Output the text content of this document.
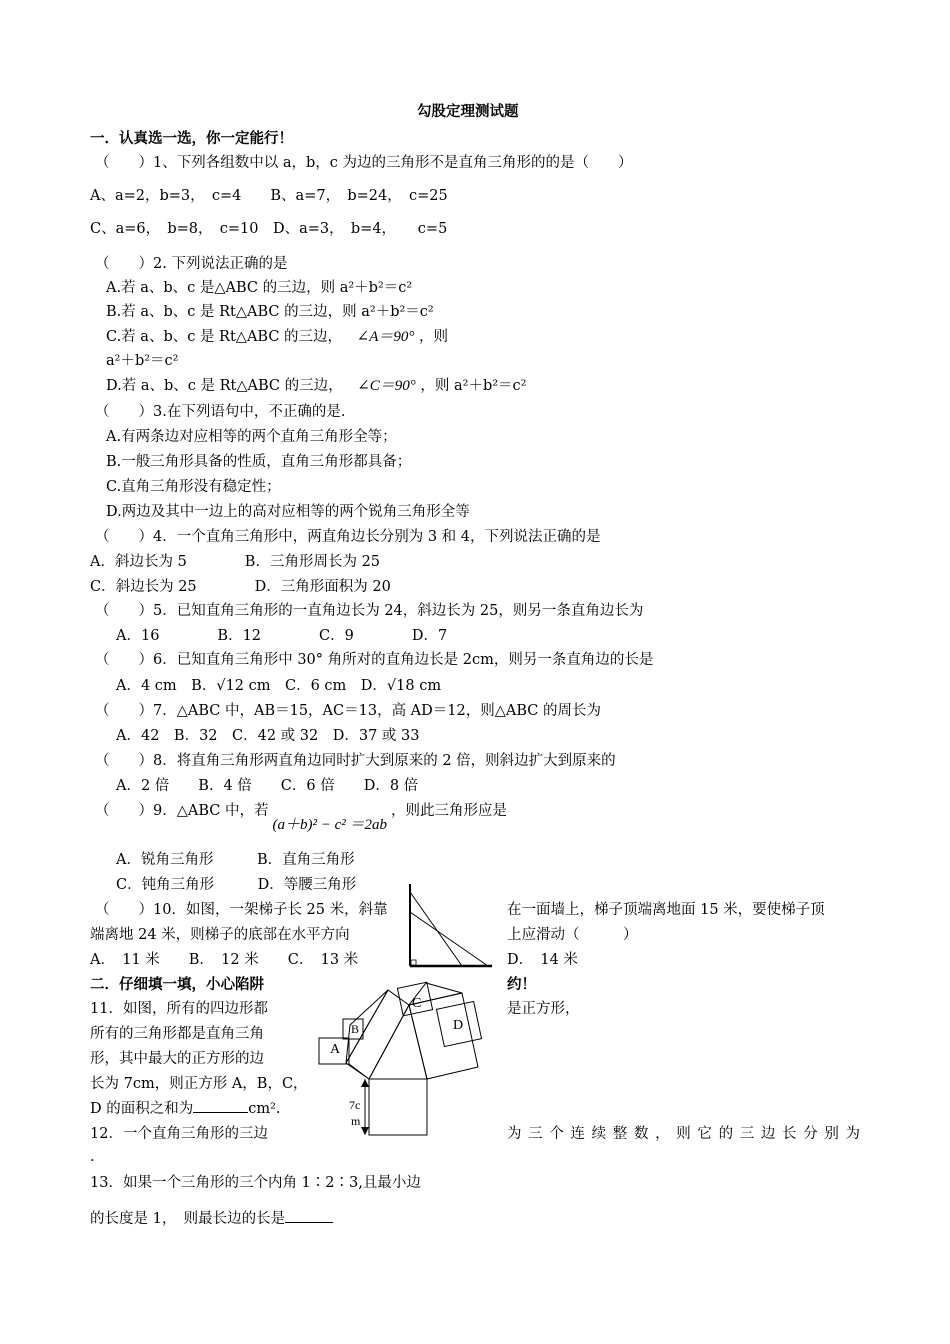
勾股定理测试题
一．认真选一选，你一定能行！
（　　）1、下列各组数中以 a，b，c 为边的三角形不是直角三角形的的是（　　）
A、a=2，b=3，　c=4　　B、a=7，　b=24，　c=25
C、a=6，　b=8，　c=10　D、a=3，　b=4，　　c=5
（　　）2. 下列说法正确的是
A.若 a、b、c 是△ABC 的三边，则 a²＋b²＝c²
B.若 a、b、c 是 Rt△ABC 的三边，则 a²＋b²＝c²
C.若 a、b、c 是 Rt△ABC 的三边， ∠A＝90° ，则
a²＋b²＝c²
D.若 a、b、c 是 Rt△ABC 的三边， ∠C＝90° ，则 a²＋b²＝c²
（　　）3.在下列语句中，不正确的是.
A.有两条边对应相等的两个直角三角形全等；
B.一般三角形具备的性质，直角三角形都具备；
C.直角三角形没有稳定性；
D.两边及其中一边上的高对应相等的两个锐角三角形全等
（　　）4．一个直角三角形中，两直角边长分别为 3 和 4，下列说法正确的是
A．斜边长为 5　　　　B．三角形周长为 25
C．斜边长为 25　　　　D．三角形面积为 20
（　　）5．已知直角三角形的一直角边长为 24，斜边长为 25，则另一条直角边长为
A．16　　　　B．12　　　　C．9　　　　D．7
（　　）6．已知直角三角形中 30° 角所对的直角边长是 2cm，则另一条直角边的长是
A．4 cm　B．√12 cm　C．6 cm　D．√18 cm
（　　）7．△ABC 中，AB＝15，AC＝13，高 AD＝12，则△ABC 的周长为
A．42　B．32　C．42 或 32　D．37 或 33
（　　）8．将直角三角形两直角边同时扩大到原来的 2 倍，则斜边扩大到原来的
A．2 倍　　B．4 倍　　C．6 倍　　D．8 倍
（　　）9．△ABC 中，若(a＋b)² − c² ＝2ab，则此三角形应是
A．锐角三角形　　　B．直角三角形
C．钝角三角形　　　D．等腰三角形
（　　）10．如图，一架梯子长 25 米，斜靠	在一面墙上，梯子顶端离地面 15 米，要使梯子顶
端离地 24 米，则梯子的底部在水平方向	上应滑动（　　　）
A．　11 米　　B．　12 米　　C．　13 米	D．　14 米
二．仔细填一填，小心陷阱	约！
11．如图，所有的四边形都	是正方形，
所有的三角形都是直角三角
形，其中最大的正方形的边
长为 7cm，则正方形 A，B，C，
D 的面积之和为	cm².
A
B
C
D
7c
m
12．一个直角三角形的三边	为 三 个 连 续 整 数 ， 则 它 的 三 边 长 分 别 为
.
13．如果一个三角形的三个内角 1∶2∶3,且最小边
的长度是 1，　则最长边的长是
